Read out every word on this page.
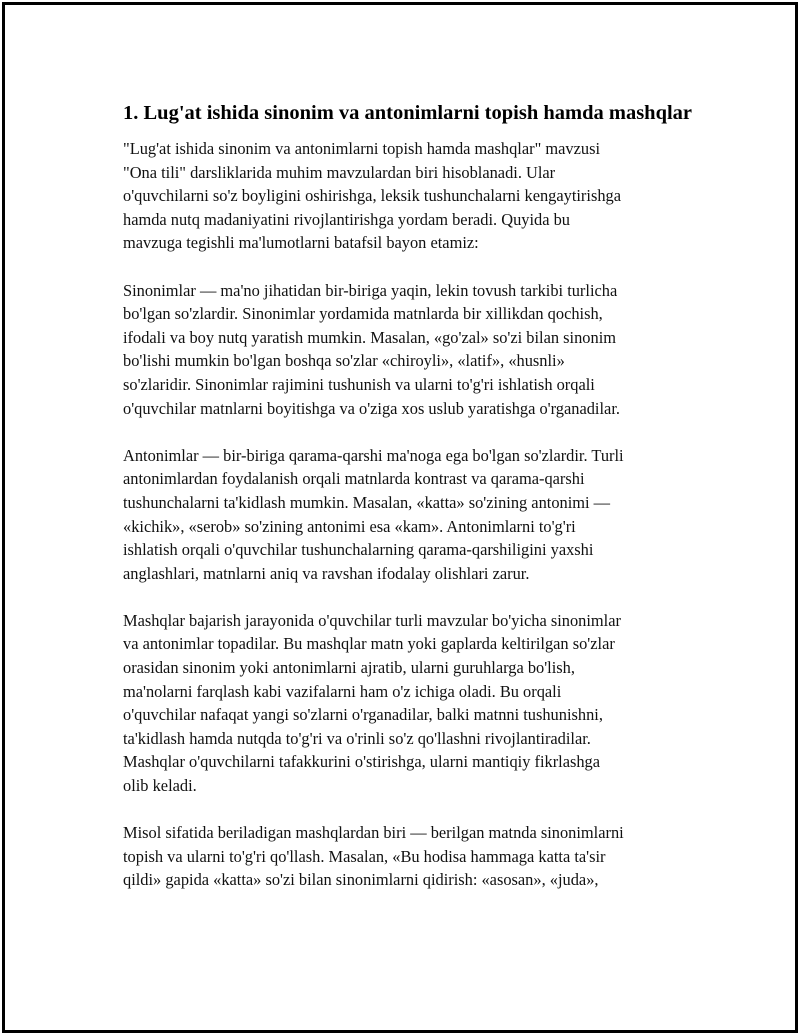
1. Lug'at ishida sinonim va antonimlarni topish hamda mashqlar

"Lug'at ishida sinonim va antonimlarni topish hamda mashqlar" mavzusi
"Ona tili" darsliklarida muhim mavzulardan biri hisoblanadi. Ular
o'quvchilarni so'z boyligini oshirishga, leksik tushunchalarni kengaytirishga
hamda nutq madaniyatini rivojlantirishga yordam beradi. Quyida bu
mavzuga tegishli ma'lumotlarni batafsil bayon etamiz:

Sinonimlar — ma'no jihatidan bir-biriga yaqin, lekin tovush tarkibi turlicha
bo'lgan so'zlardir. Sinonimlar yordamida matnlarda bir xillikdan qochish,
ifodali va boy nutq yaratish mumkin. Masalan, «go'zal» so'zi bilan sinonim
bo'lishi mumkin bo'lgan boshqa so'zlar «chiroyli», «latif», «husnli»
so'zlaridir. Sinonimlar rajimini tushunish va ularni to'g'ri ishlatish orqali
o'quvchilar matnlarni boyitishga va o'ziga xos uslub yaratishga o'rganadilar.

Antonimlar — bir-biriga qarama-qarshi ma'noga ega bo'lgan so'zlardir. Turli
antonimlardan foydalanish orqali matnlarda kontrast va qarama-qarshi
tushunchalarni ta'kidlash mumkin. Masalan, «katta» so'zining antonimi —
«kichik», «serob» so'zining antonimi esa «kam». Antonimlarni to'g'ri
ishlatish orqali o'quvchilar tushunchalarning qarama-qarshiligini yaxshi
anglashlari, matnlarni aniq va ravshan ifodalay olishlari zarur.

Mashqlar bajarish jarayonida o'quvchilar turli mavzular bo'yicha sinonimlar
va antonimlar topadilar. Bu mashqlar matn yoki gaplarda keltirilgan so'zlar
orasidan sinonim yoki antonimlarni ajratib, ularni guruhlarga bo'lish,
ma'nolarni farqlash kabi vazifalarni ham o'z ichiga oladi. Bu orqali
o'quvchilar nafaqat yangi so'zlarni o'rganadilar, balki matnni tushunishni,
ta'kidlash hamda nutqda to'g'ri va o'rinli so'z qo'llashni rivojlantiradilar.
Mashqlar o'quvchilarni tafakkurini o'stirishga, ularni mantiqiy fikrlashga
olib keladi.

Misol sifatida beriladigan mashqlardan biri — berilgan matnda sinonimlarni
topish va ularni to'g'ri qo'llash. Masalan, «Bu hodisa hammaga katta ta'sir
qildi» gapida «katta» so'zi bilan sinonimlarni qidirish: «asosan», «juda»,
